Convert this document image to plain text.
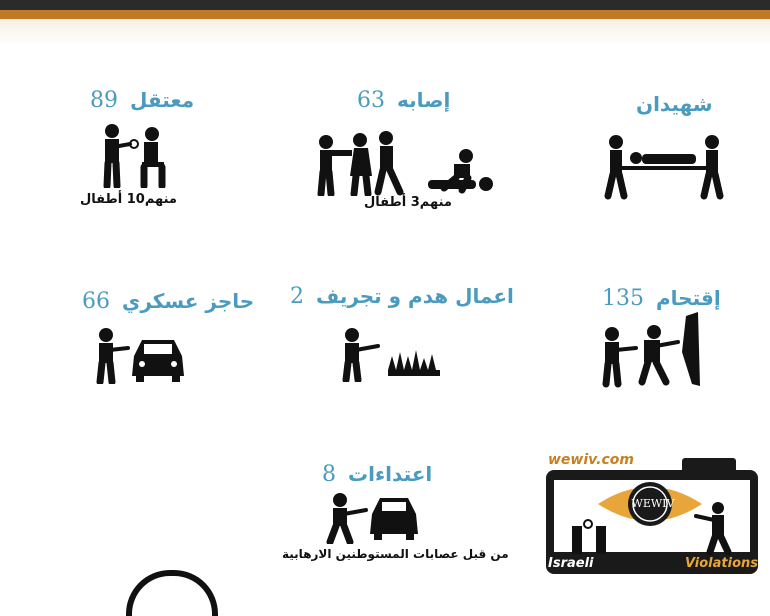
شهيدان
إصابه63
منهم3 أطفال
معتقل89
منهم10 أطفال
إقتحام135
اعمال هدم و تجريف2
حاجز عسكري66
اعتداءات8
من قبل عصابات المستوطنين الارهابية
wewiv.com
WEWIV
Israeli	Violations
